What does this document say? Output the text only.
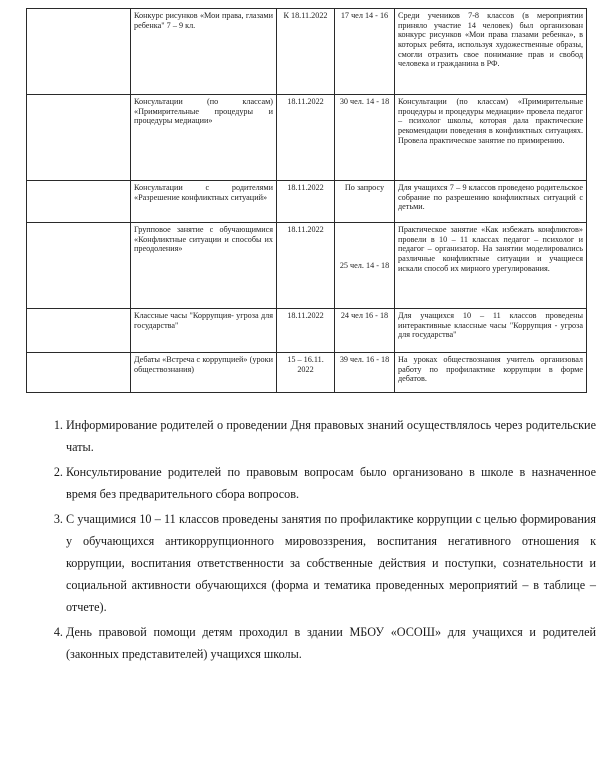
	Конкурс рисунков «Мои права, глазами ребенка" 7 – 9 кл.	К 18.11.2022	17 чел 14 - 16	Среди учеников 7-8 классов (в мероприятии приняло участие 14 человек) был организован конкурс рисунков «Мои права глазами ребенка», в которых ребята, используя художественные образы, смогли отразить свое понимание прав и свобод человека и гражданина в РФ.
	Консультации (по классам) «Примирительные процедуры и процедуры медиации»	18.11.2022	30 чел. 14 - 18	Консультации (по классам) «Примирительные процедуры и процедуры медиации» провела педагог – психолог школы, которая дала практические рекомендации поведения в конфликтных ситуациях. Провела практическое занятие по примирению.
	Консультации с родителями «Разрешение конфликтных ситуаций»	18.11.2022	По запросу	Для учащихся 7 – 9 классов проведено родительское собрание по разрешению конфликтных ситуаций с детьми.
	Групповое занятие с обучающимися «Конфликтные ситуации и способы их преодоления»	18.11.2022	25 чел. 14 - 18	Практическое занятие «Как избежать конфликтов» провели в 10 – 11 классах педагог – психолог и педагог – организатор. На занятии моделировались различные конфликтные ситуации и учащиеся искали способ их мирного урегулирования.
	Классные часы "Коррупция- угроза для государства"	18.11.2022	24 чел 16 - 18	Для учащихся 10 – 11 классов проведены интерактивные классные часы "Коррупция - угроза для государства"
	Дебаты «Встреча с коррупцией» (уроки обществознания)	15 – 16.11. 2022	39 чел. 16 - 18	На уроках обществознания учитель организовал работу по профилактике коррупции в форме дебатов.
1. Информирование родителей о проведении Дня правовых знаний осуществлялось через родительские чаты.
2. Консультирование родителей по правовым вопросам было организовано в школе в назначенное время без предварительного сбора вопросов.
3. С учащимися 10 – 11 классов проведены занятия по профилактике коррупции с целью формирования у обучающихся антикоррупционного мировоззрения, воспитания негативного отношения к коррупции, воспитания ответственности за собственные действия и поступки, сознательности и социальной активности обучающихся (форма и тематика проведенных мероприятий – в таблице – отчете).
4. День правовой помощи детям проходил в здании МБОУ «ОСОШ» для учащихся и родителей (законных представителей) учащихся школы.
